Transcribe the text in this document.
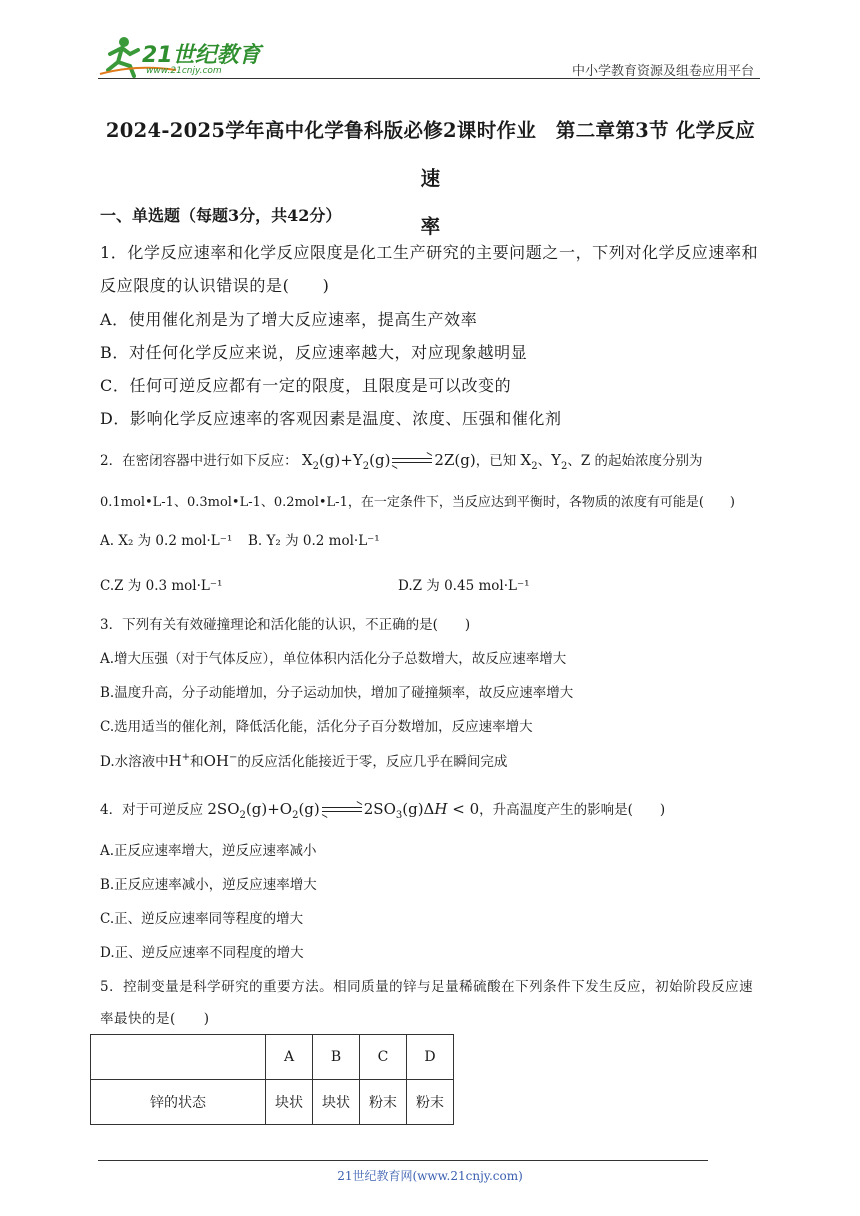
21世纪教育
www.21cnjy.com	中小学教育资源及组卷应用平台
2024-2025学年高中化学鲁科版必修2课时作业　第二章第3节 化学反应速
率
一、单选题（每题3分，共42分）
1．化学反应速率和化学反应限度是化工生产研究的主要问题之一，下列对化学反应速率和反应限度的认识错误的是(　　)
A．使用催化剂是为了增大反应速率，提高生产效率
B．对任何化学反应来说，反应速率越大，对应现象越明显
C．任何可逆反应都有一定的限度，且限度是可以改变的
D．影响化学反应速率的客观因素是温度、浓度、压强和催化剂
2．在密闭容器中进行如下反应： $X_2(g)+Y_2(g)$	2Z(g)，已知 $X_2$、$Y_2$、Z 的起始浓度分别为
0.1mol•L-1、0.3mol•L-1、0.2mol•L-1，在一定条件下，当反应达到平衡时，各物质的浓度有可能是(　　)
A. X₂ 为 0.2 mol·L⁻¹ B. Y₂ 为 0.2 mol·L⁻¹
C.Z 为 0.3 mol·L⁻¹	D.Z 为 0.45 mol·L⁻¹
3．下列有关有效碰撞理论和活化能的认识，不正确的是(　　)
A.增大压强（对于气体反应），单位体积内活化分子总数增大，故反应速率增大
B.温度升高，分子动能增加，分子运动加快，增加了碰撞频率，故反应速率增大
C.选用适当的催化剂，降低活化能，活化分子百分数增加，反应速率增大
D.水溶液中H+和OH−的反应活化能接近于零，反应几乎在瞬间完成
4．对于可逆反应 $2SO_2(g)+O_2(g)$	$2SO_3(g)\Delta H < 0$，升高温度产生的影响是(　　)
A.正反应速率增大，逆反应速率减小
B.正反应速率减小，逆反应速率增大
C.正、逆反应速率同等程度的增大
D.正、逆反应速率不同程度的增大
5．控制变量是科学研究的重要方法。相同质量的锌与足量稀硫酸在下列条件下发生反应，初始阶段反应速率最快的是(　　)
	A	B	C	D
锌的状态	块状	块状	粉末	粉末
21世纪教育网(www.21cnjy.com)
